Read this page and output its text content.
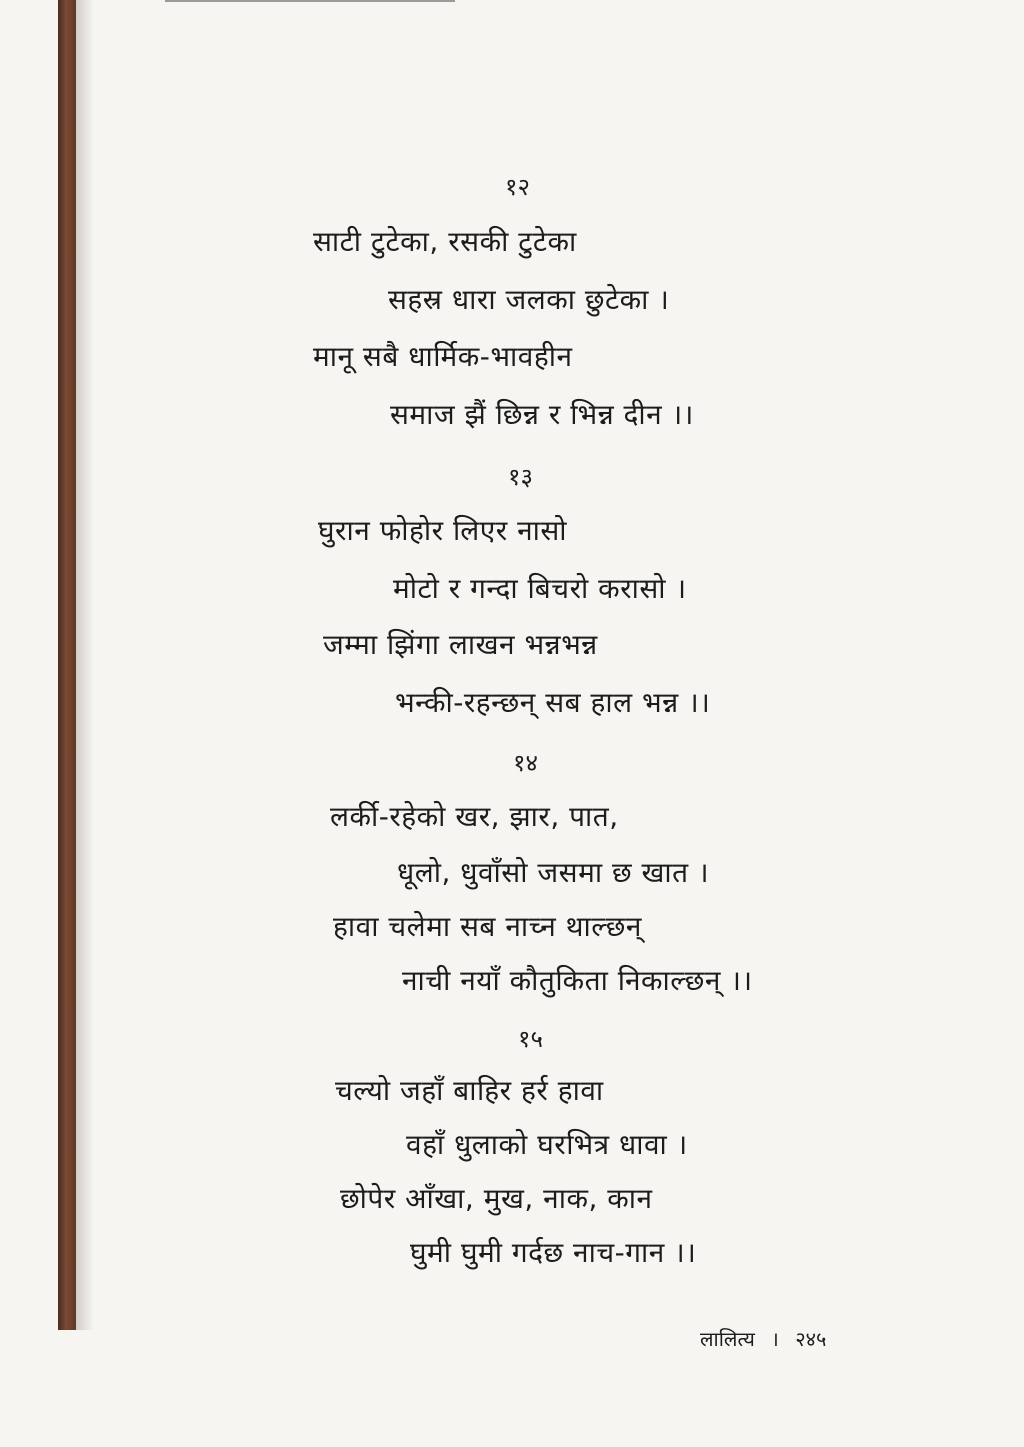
१२
साटी टुटेका, रसकी टुटेका
सहस्र धारा जलका छुटेका ।
मानू सबै धार्मिक-भावहीन
समाज झैं छिन्न र भिन्न दीन ।।
१३
घुरान फोहोर लिएर नासो
मोटो र गन्दा बिचरो करासो ।
जम्मा झिंगा लाखन भन्नभन्न
भन्की-रहन्छन् सब हाल भन्न ।।
१४
लर्की-रहेको खर, झार, पात,
धूलो, धुवाँसो जसमा छ खात ।
हावा चलेमा सब नाच्न थाल्छन्
नाची नयाँ कौतुकिता निकाल्छन् ।।
१५
चल्यो जहाँ बाहिर हर्र हावा
वहाँ धुलाको घरभित्र धावा ।
छोपेर आँखा, मुख, नाक, कान
घुमी घुमी गर्दछ नाच-गान ।।
लालित्य । २४५
